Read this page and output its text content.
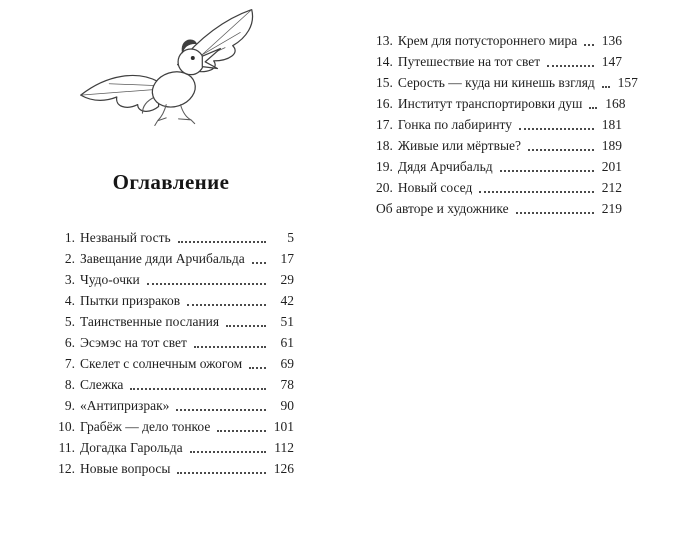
Оглавление
1. Незваный гость	5
2. Завещание дяди Арчибальда	17
3. Чудо-очки	29
4. Пытки призраков	42
5. Таинственные послания	51
6. Эсэмэс на тот свет	61
7. Скелет с солнечным ожогом	69
8. Слежка	78
9. «Антипризрак»	90
10. Грабёж — дело тонкое	101
11. Догадка Гарольда	112
12. Новые вопросы	126
13. Крем для потустороннего мира 136
14. Путешествие на тот свет	147
15. Серость — куда ни кинешь взгляд 157
16. Институт транспортировки душ 168
17. Гонка по лабиринту	181
18. Живые или мёртвые?	189
19. Дядя Арчибальд	201
20. Новый сосед	212
Об авторе и художнике	219
